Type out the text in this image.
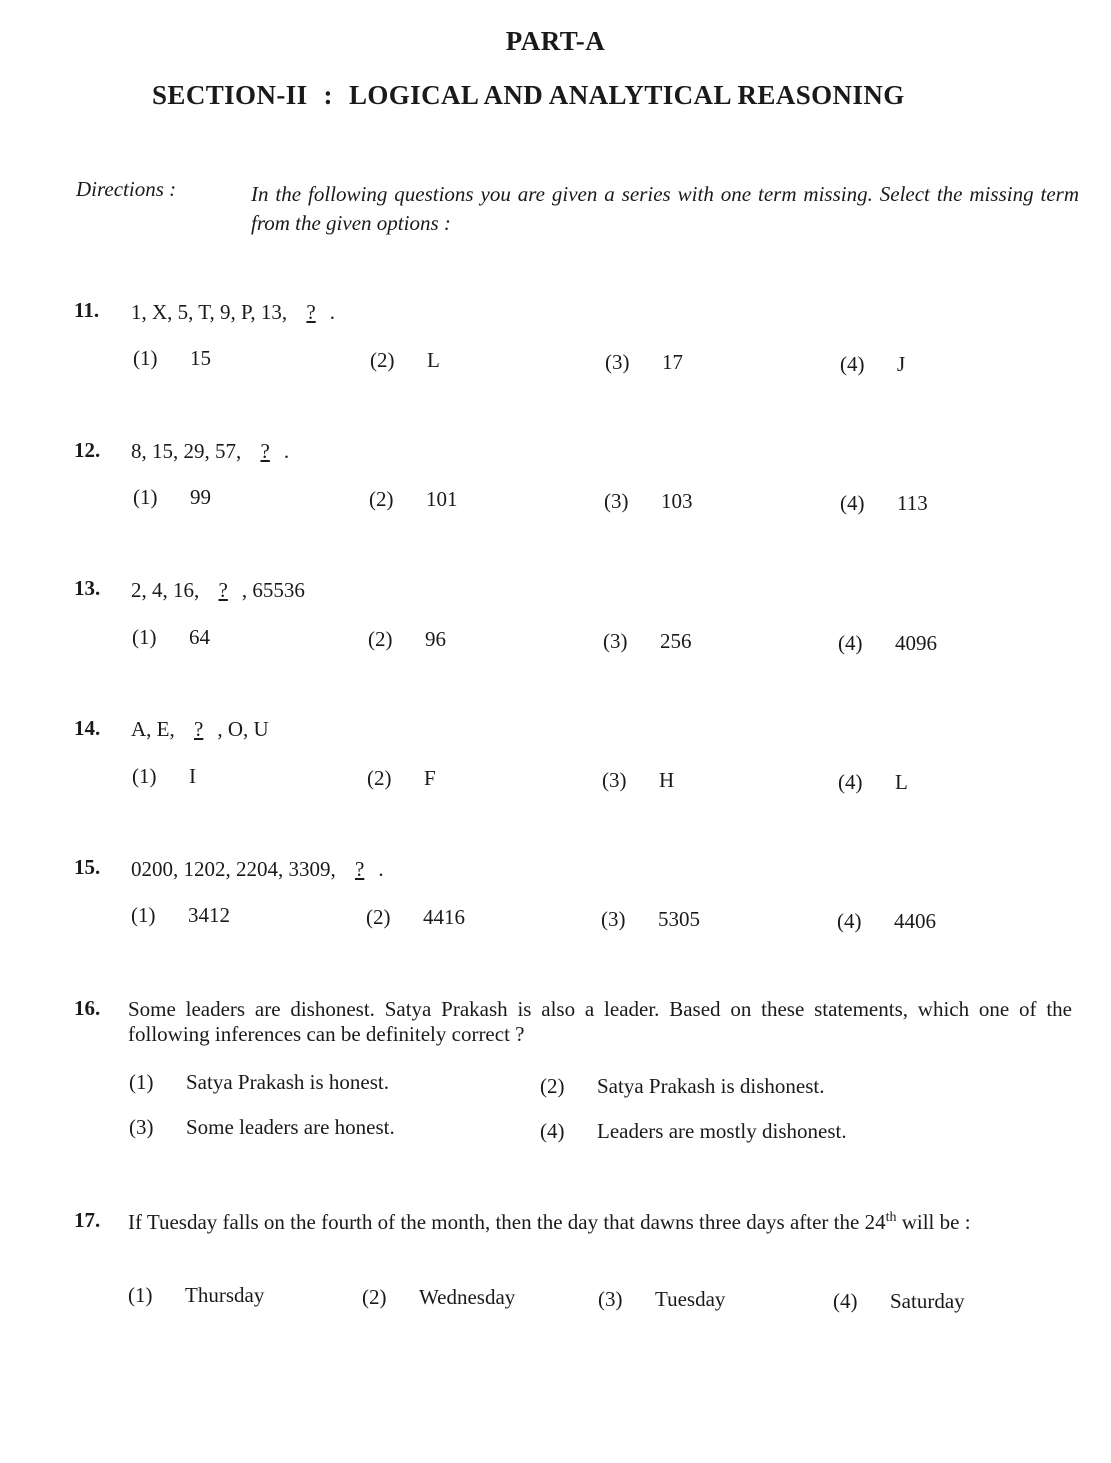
PART-A
SECTION-II : LOGICAL AND ANALYTICAL REASONING
Directions :	In the following questions you are given a series with one term missing. Select the missing term from the given options :
11. 1, X, 5, T, 9, P, 13, ? .
(1) 15	(2) L	(3) 17	(4) J
12. 8, 15, 29, 57, ? .
(1) 99	(2) 101	(3) 103	(4) 113
13. 2, 4, 16, ? , 65536
(1) 64	(2) 96	(3) 256	(4) 4096
14. A, E, ? , O, U
(1) I	(2) F	(3) H	(4) L
15. 0200, 1202, 2204, 3309, ? .
(1) 3412	(2) 4416	(3) 5305	(4) 4406
16. Some leaders are dishonest. Satya Prakash is also a leader. Based on these statements, which one of the following inferences can be definitely correct ?
(1) Satya Prakash is honest.	(2) Satya Prakash is dishonest.
(3) Some leaders are honest.	(4) Leaders are mostly dishonest.
17. If Tuesday falls on the fourth of the month, then the day that dawns three days after the 24th will be :
(1) Thursday	(2) Wednesday	(3) Tuesday	(4) Saturday
